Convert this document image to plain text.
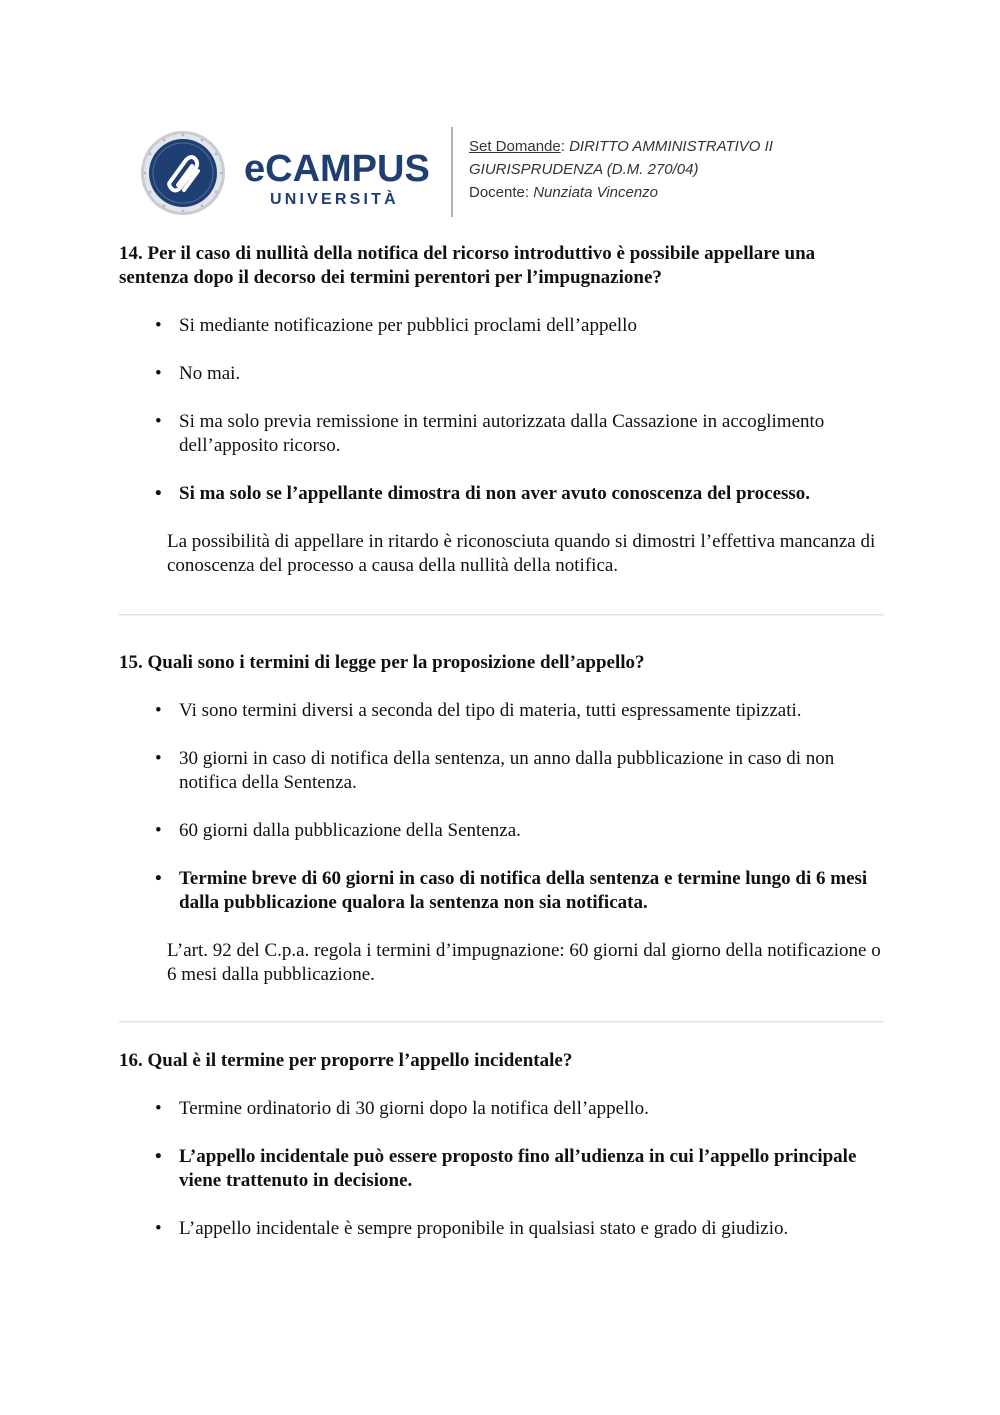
eCAMPUS
UNIVERSITÀ
Set Domande: DIRITTO AMMINISTRATIVO II
GIURISPRUDENZA (D.M. 270/04)
Docente: Nunziata Vincenzo

14. Per il caso di nullità della notifica del ricorso introduttivo è possibile appellare una sentenza dopo il decorso dei termini perentori per l’impugnazione?

• Si mediante notificazione per pubblici proclami dell’appello
• No mai.
• Si ma solo previa remissione in termini autorizzata dalla Cassazione in accoglimento dell’apposito ricorso.
• Si ma solo se l’appellante dimostra di non aver avuto conoscenza del processo.

La possibilità di appellare in ritardo è riconosciuta quando si dimostri l’effettiva mancanza di conoscenza del processo a causa della nullità della notifica.

15. Quali sono i termini di legge per la proposizione dell’appello?

• Vi sono termini diversi a seconda del tipo di materia, tutti espressamente tipizzati.
• 30 giorni in caso di notifica della sentenza, un anno dalla pubblicazione in caso di non notifica della Sentenza.
• 60 giorni dalla pubblicazione della Sentenza.
• Termine breve di 60 giorni in caso di notifica della sentenza e termine lungo di 6 mesi dalla pubblicazione qualora la sentenza non sia notificata.

L’art. 92 del C.p.a. regola i termini d’impugnazione: 60 giorni dal giorno della notificazione o 6 mesi dalla pubblicazione.

16. Qual è il termine per proporre l’appello incidentale?

• Termine ordinatorio di 30 giorni dopo la notifica dell’appello.
• L’appello incidentale può essere proposto fino all’udienza in cui l’appello principale viene trattenuto in decisione.
• L’appello incidentale è sempre proponibile in qualsiasi stato e grado di giudizio.
